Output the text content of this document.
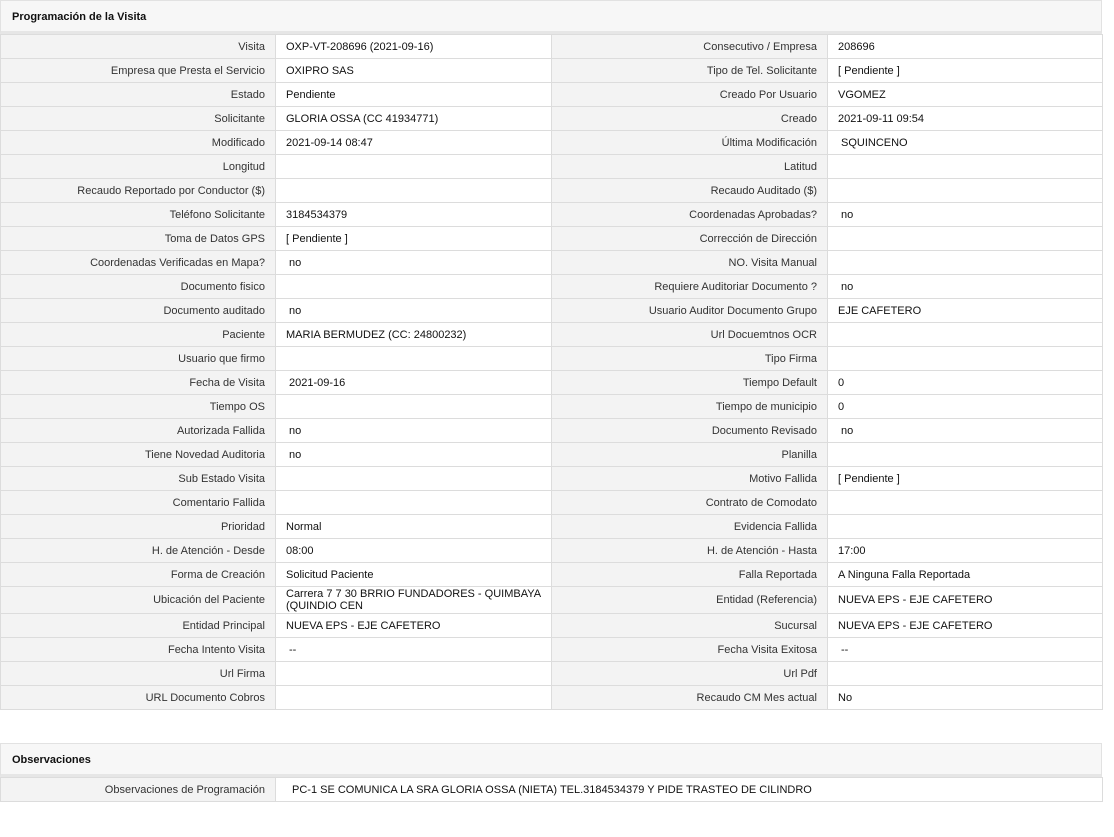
Programación de la Visita
Visita	OXP-VT-208696 (2021-09-16)	Consecutivo / Empresa	208696
Empresa que Presta el Servicio	OXIPRO SAS	Tipo de Tel. Solicitante	[ Pendiente ]
Estado	Pendiente	Creado Por Usuario	VGOMEZ
Solicitante	GLORIA OSSA (CC 41934771)	Creado	2021-09-11 09:54
Modificado	2021-09-14 08:47	Última Modificación	SQUINCENO
Longitud		Latitud	
Recaudo Reportado por Conductor ($)		Recaudo Auditado ($)	
Teléfono Solicitante	3184534379	Coordenadas Aprobadas?	no
Toma de Datos GPS	[ Pendiente ]	Corrección de Dirección	
Coordenadas Verificadas en Mapa?	no	NO. Visita Manual	
Documento fisico		Requiere Auditoriar Documento ?	no
Documento auditado	no	Usuario Auditor Documento Grupo	EJE CAFETERO
Paciente	MARIA BERMUDEZ (CC: 24800232)	Url Docuemtnos OCR	
Usuario que firmo		Tipo Firma	
Fecha de Visita	2021-09-16	Tiempo Default	0
Tiempo OS		Tiempo de municipio	0
Autorizada Fallida	no	Documento Revisado	no
Tiene Novedad Auditoria	no	Planilla	
Sub Estado Visita		Motivo Fallida	[ Pendiente ]
Comentario Fallida		Contrato de Comodato	
Prioridad	Normal	Evidencia Fallida	
H. de Atención - Desde	08:00	H. de Atención - Hasta	17:00
Forma de Creación	Solicitud Paciente	Falla Reportada	A Ninguna Falla Reportada
Ubicación del Paciente	Carrera 7 7 30 BRRIO FUNDADORES - QUIMBAYA (QUINDIO CEN	Entidad (Referencia)	NUEVA EPS - EJE CAFETERO
Entidad Principal	NUEVA EPS - EJE CAFETERO	Sucursal	NUEVA EPS - EJE CAFETERO
Fecha Intento Visita	--	Fecha Visita Exitosa	--
Url Firma		Url Pdf	
URL Documento Cobros		Recaudo CM Mes actual	No
Observaciones
Observaciones de Programación	PC-1 SE COMUNICA LA SRA GLORIA OSSA (NIETA) TEL.3184534379 Y PIDE TRASTEO DE CILINDRO
